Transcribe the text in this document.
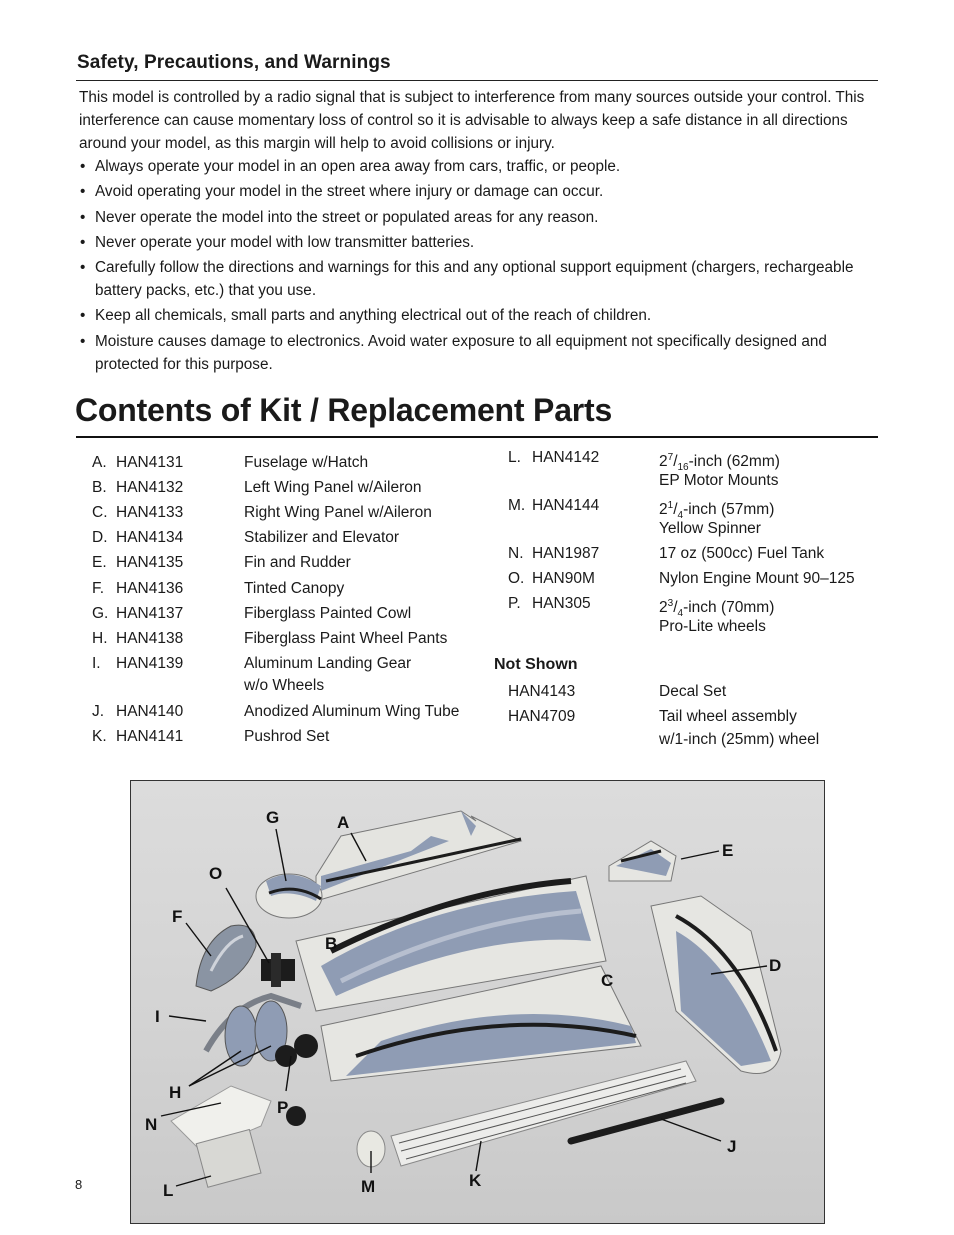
Safety, Precautions, and Warnings
This model is controlled by a radio signal that is subject to interference from many sources outside your control. This interference can cause momentary loss of control so it is advisable to always keep a safe distance in all directions around your model, as this margin will help to avoid collisions or injury.
• Always operate your model in an open area away from cars, traffic, or people.
• Avoid operating your model in the street where injury or damage can occur.
• Never operate the model into the street or populated areas for any reason.
• Never operate your model with low transmitter batteries.
• Carefully follow the directions and warnings for this and any optional support equipment (chargers, rechargeable battery packs, etc.) that you use.
• Keep all chemicals, small parts and anything electrical out of the reach of children.
• Moisture causes damage to electronics. Avoid water exposure to all equipment not specifically designed and protected for this purpose.
Contents of Kit / Replacement Parts
A. HAN4131	Fuselage w/Hatch
B. HAN4132	Left Wing Panel w/Aileron
C. HAN4133	Right Wing Panel w/Aileron
D. HAN4134	Stabilizer and Elevator
E. HAN4135	Fin and Rudder
F. HAN4136	Tinted Canopy
G. HAN4137	Fiberglass Painted Cowl
H. HAN4138	Fiberglass Paint Wheel Pants
I. HAN4139	Aluminum Landing Gear
w/o Wheels
J. HAN4140	Anodized Aluminum Wing Tube
K. HAN4141	Pushrod Set
L. HAN4142	$2^7/_{16}$-inch (62mm)
EP Motor Mounts
M. HAN4144	$2^1/_4$-inch (57mm)
Yellow Spinner
N. HAN1987	17 oz (500cc) Fuel Tank
O. HAN90M	Nylon Engine Mount 90–125
P. HAN305	$2^3/_4$-inch (70mm)
Pro-Lite wheels
Not Shown
HAN4143	Decal Set
HAN4709	Tail wheel assembly
w/1-inch (25mm) wheel
G	A
E
O
F
B
D
C
I
H
N
P
J
L	M	K
8
